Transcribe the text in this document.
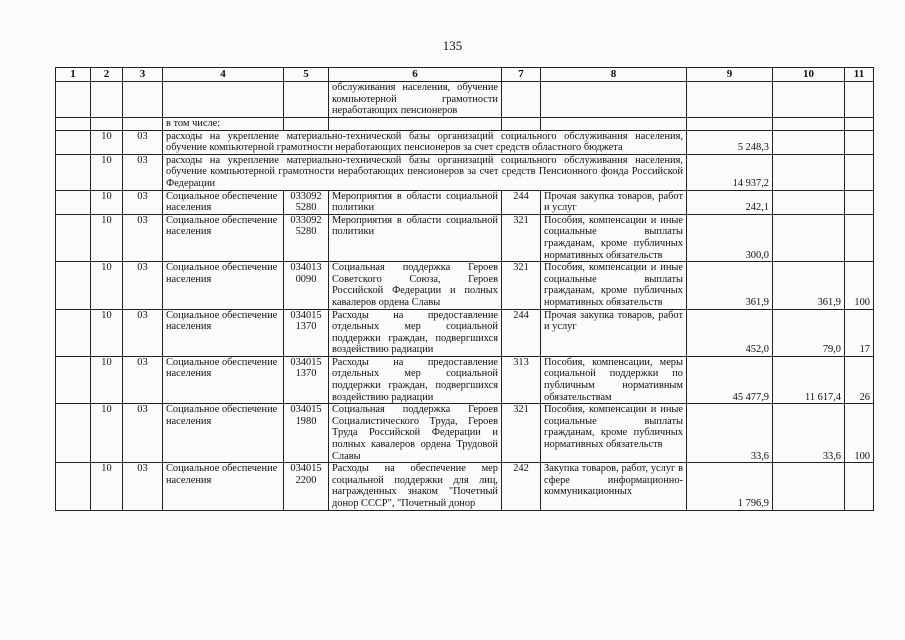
135
1	2	3	4	5	6	7	8	9	10	11
					обслуживания населения, обучение компьютерной грамотности неработающих пенсионеров					
			в том числе:							
	10	03	расходы на укрепление материально-технической базы организаций социального обслуживания населения, обучение компьютерной грамотности неработающих пенсионеров за счет средств областного бюджета					5 248,3		
	10	03	расходы на укрепление материально-технической базы организаций социального обслуживания населения, обучение компьютерной грамотности неработающих пенсионеров за счет средств Пенсионного фонда Российской Федерации					14 937,2		
	10	03	Социальное обеспечение населения	033092 5280	Мероприятия в области социальной политики	244	Прочая закупка товаров, работ и услуг	242,1		
	10	03	Социальное обеспечение населения	033092 5280	Мероприятия в области социальной политики	321	Пособия, компенсации и иные социальные выплаты гражданам, кроме публичных нормативных обязательств	300,0		
	10	03	Социальное обеспечение населения	034013 0090	Социальная поддержка Героев Советского Союза, Героев Российской Федерации и полных кавалеров ордена Славы	321	Пособия, компенсации и иные социальные выплаты гражданам, кроме публичных нормативных обязательств	361,9	361,9	100
	10	03	Социальное обеспечение населения	034015 1370	Расходы на предоставление отдельных мер социальной поддержки граждан, подвергшихся воздействию радиации	244	Прочая закупка товаров, работ и услуг	452,0	79,0	17
	10	03	Социальное обеспечение населения	034015 1370	Расходы на предоставление отдельных мер социальной поддержки граждан, подвергшихся воздействию радиации	313	Пособия, компенсации, меры социальной поддержки по публичным нормативным обязательствам	45 477,9	11 617,4	26
	10	03	Социальное обеспечение населения	034015 1980	Социальная поддержка Героев Социалистического Труда, Героев Труда Российской Федерации и полных кавалеров ордена Трудовой Славы	321	Пособия, компенсации и иные социальные выплаты гражданам, кроме публичных нормативных обязательств	33,6	33,6	100
	10	03	Социальное обеспечение населения	034015 2200	Расходы на обеспечение мер социальной поддержки для лиц, награжденных знаком "Почетный донор СССР", "Почетный донор	242	Закупка товаров, работ, услуг в сфере информационно-коммуникационных	1 796,9		
